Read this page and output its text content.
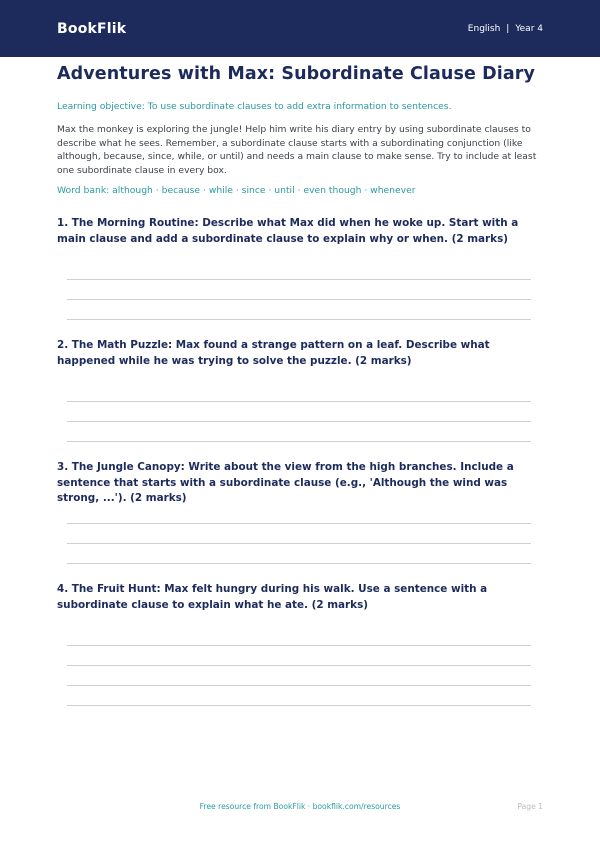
BookFlik	English | Year 4
Adventures with Max: Subordinate Clause Diary

Learning objective: To use subordinate clauses to add extra information to sentences.

Max the monkey is exploring the jungle! Help him write his diary entry by using subordinate clauses to describe what he sees. Remember, a subordinate clause starts with a subordinating conjunction (like although, because, since, while, or until) and needs a main clause to make sense. Try to include at least one subordinate clause in every box.

Word bank: although · because · while · since · until · even though · whenever

1. The Morning Routine: Describe what Max did when he woke up. Start with a main clause and add a subordinate clause to explain why or when. (2 marks)

2. The Math Puzzle: Max found a strange pattern on a leaf. Describe what happened while he was trying to solve the puzzle. (2 marks)

3. The Jungle Canopy: Write about the view from the high branches. Include a sentence that starts with a subordinate clause (e.g., 'Although the wind was strong, ...'). (2 marks)

4. The Fruit Hunt: Max felt hungry during his walk. Use a sentence with a subordinate clause to explain what he ate. (2 marks)

Free resource from BookFlik · bookflik.com/resources	Page 1
